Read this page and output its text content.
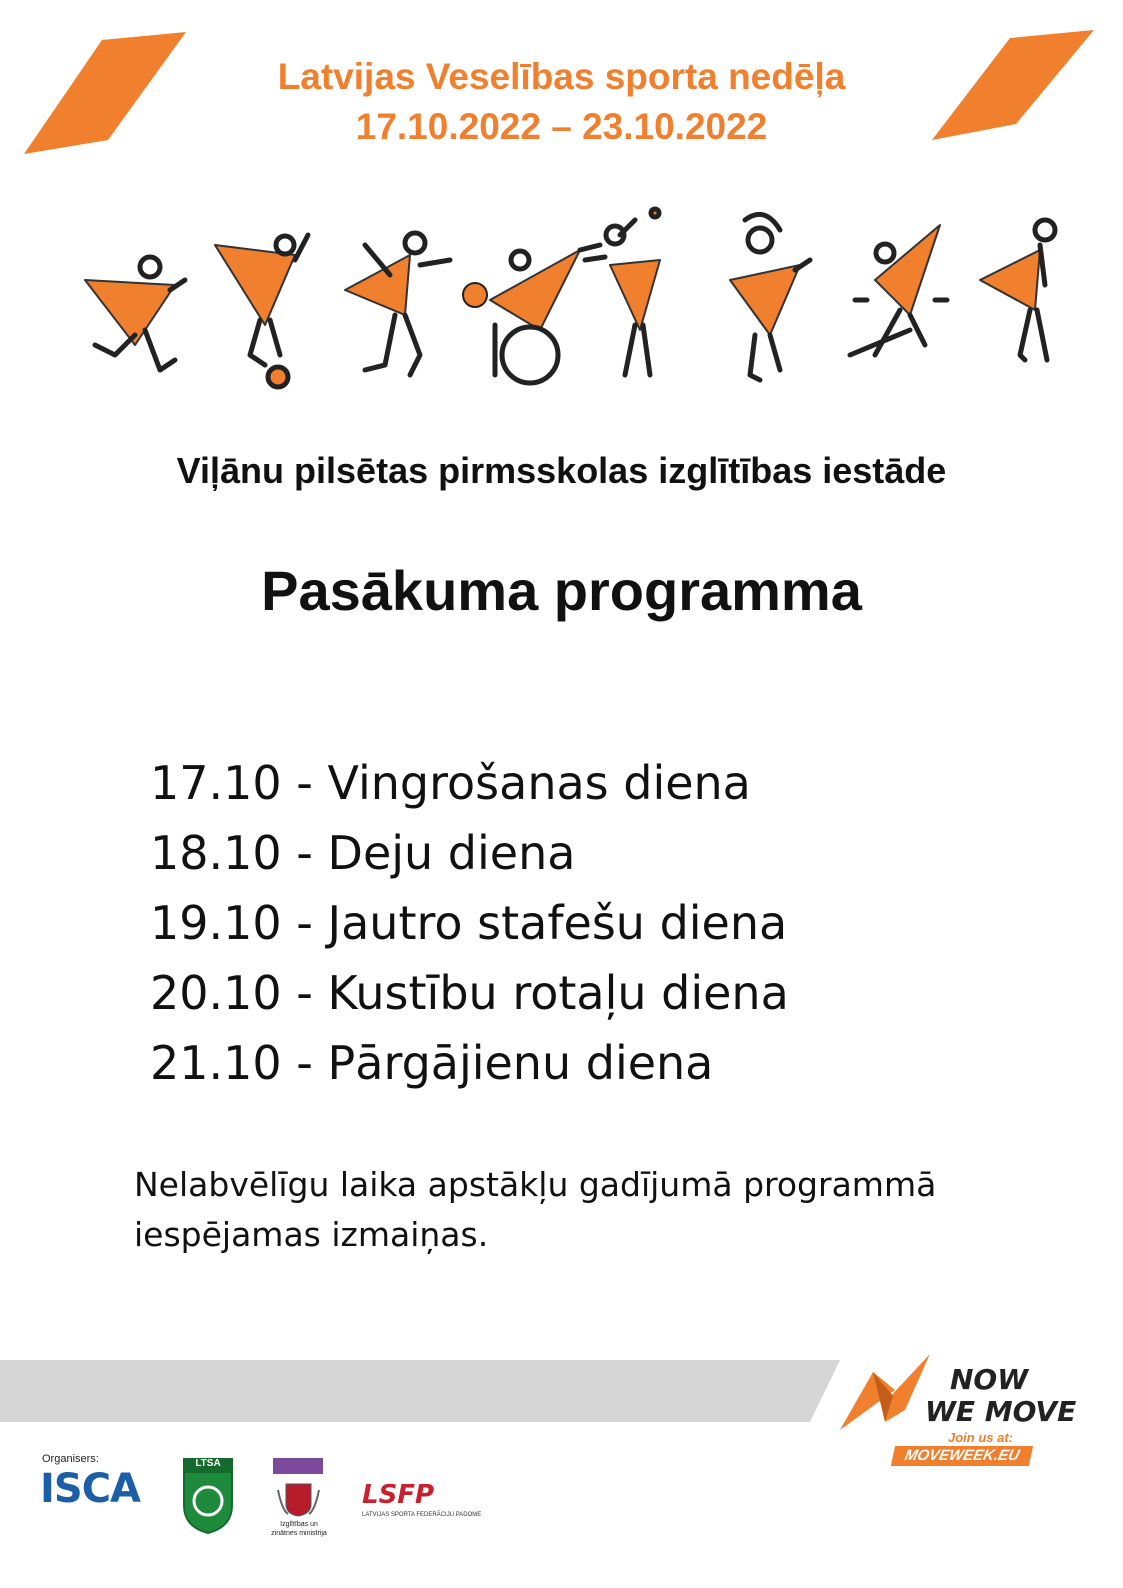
Latvijas Veselības sporta nedēļa
17.10.2022 – 23.10.2022
Viļānu pilsētas pirmsskolas izglītības iestāde
Pasākuma programma
17.10 - Vingrošanas diena
18.10 - Deju diena
19.10 - Jautro stafešu diena
20.10 - Kustību rotaļu diena
21.10 - Pārgājienu diena
Nelabvēlīgu laika apstākļu gadījumā programmā
iespējamas izmaiņas.
NOW
WE MOVE
Join us at:
MOVEWEEK.EU
Organisers:
ISCA
LTSA
Izglītības un zinātnes ministrija
LSFP
LATVIJAS SPORTA FEDERĀCIJU PADOME
